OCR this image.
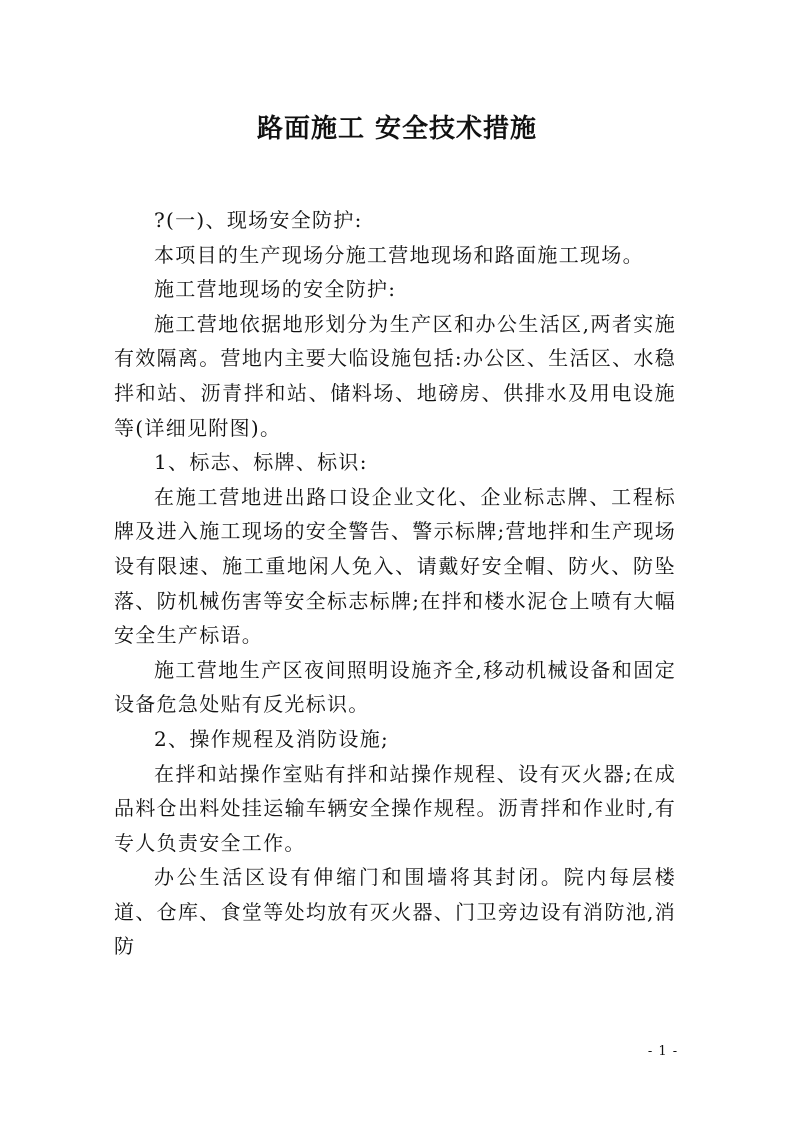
路面施工 安全技术措施

?(一)、现场安全防护:

本项目的生产现场分施工营地现场和路面施工现场。

施工营地现场的安全防护:

施工营地依据地形划分为生产区和办公生活区,两者实施有效隔离。营地内主要大临设施包括:办公区、生活区、水稳拌和站、沥青拌和站、储料场、地磅房、供排水及用电设施等(详细见附图)。

1、标志、标牌、标识:

在施工营地进出路口设企业文化、企业标志牌、工程标牌及进入施工现场的安全警告、警示标牌;营地拌和生产现场设有限速、施工重地闲人免入、请戴好安全帽、防火、防坠落、防机械伤害等安全标志标牌;在拌和楼水泥仓上喷有大幅安全生产标语。

施工营地生产区夜间照明设施齐全,移动机械设备和固定设备危急处贴有反光标识。

2、操作规程及消防设施;

在拌和站操作室贴有拌和站操作规程、设有灭火器;在成品料仓出料处挂运输车辆安全操作规程。沥青拌和作业时,有专人负责安全工作。

办公生活区设有伸缩门和围墙将其封闭。院内每层楼道、仓库、食堂等处均放有灭火器、门卫旁边设有消防池,消防

- 1 -
